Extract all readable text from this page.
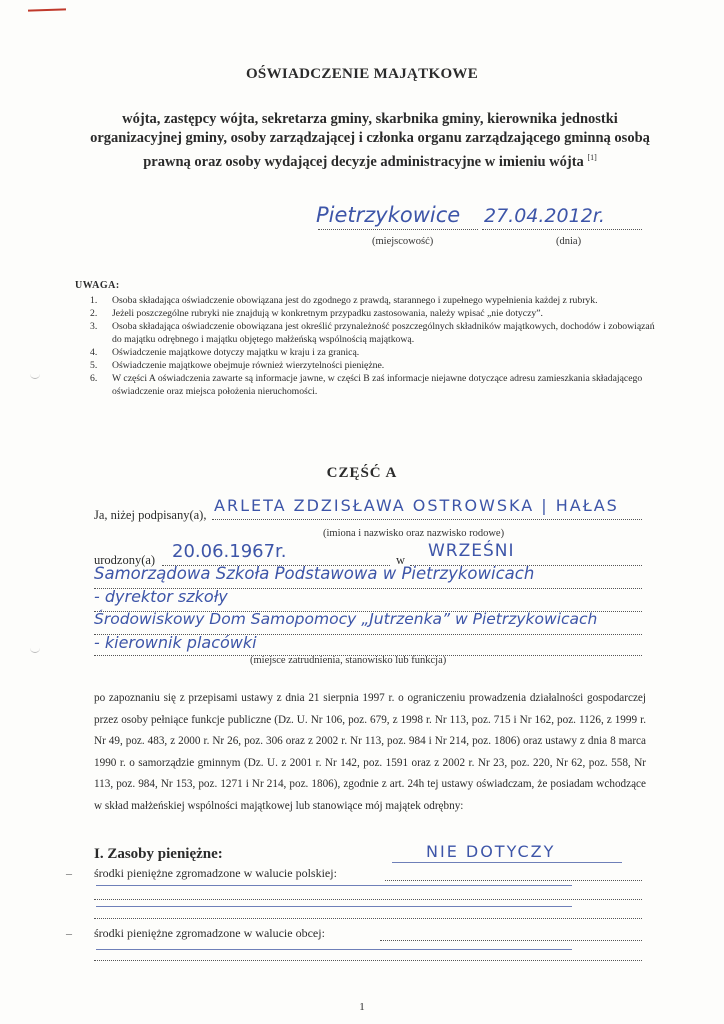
OŚWIADCZENIE MAJĄTKOWE
wójta, zastępcy wójta, sekretarza gminy, skarbnika gminy, kierownika jednostki organizacyjnej gminy, osoby zarządzającej i członka organu zarządzającego gminną osobą prawną oraz osoby wydającej decyzje administracyjne w imieniu wójta [1]
Pietrzykowice 27.04.2012r.
(miejscowość)	(dnia)
UWAGA:
1. Osoba składająca oświadczenie obowiązana jest do zgodnego z prawdą, starannego i zupełnego wypełnienia każdej z rubryk.
2. Jeżeli poszczególne rubryki nie znajdują w konkretnym przypadku zastosowania, należy wpisać „nie dotyczy”.
3. Osoba składająca oświadczenie obowiązana jest określić przynależność poszczególnych składników majątkowych, dochodów i zobowiązań do majątku odrębnego i majątku objętego małżeńską wspólnością majątkową.
4. Oświadczenie majątkowe dotyczy majątku w kraju i za granicą.
5. Oświadczenie majątkowe obejmuje również wierzytelności pieniężne.
6. W części A oświadczenia zawarte są informacje jawne, w części B zaś informacje niejawne dotyczące adresu zamieszkania składającego oświadczenie oraz miejsca położenia nieruchomości.
CZĘŚĆ A
Ja, niżej podpisany(a), ARLETA ZDZISŁAWA OSTROWSKA | HAŁAS
(imiona i nazwisko oraz nazwisko rodowe)
urodzony(a) 20.06.1967r.	w WRZEŚNI
Samorządowa Szkoła Podstawowa w Pietrzykowicach
- dyrektor szkoły
Środowiskowy Dom Samopomocy „Jutrzenka” w Pietrzykowicach
- kierownik placówki
(miejsce zatrudnienia, stanowisko lub funkcja)
po zapoznaniu się z przepisami ustawy z dnia 21 sierpnia 1997 r. o ograniczeniu prowadzenia działalności gospodarczej przez osoby pełniące funkcje publiczne (Dz. U. Nr 106, poz. 679, z 1998 r. Nr 113, poz. 715 i Nr 162, poz. 1126, z 1999 r. Nr 49, poz. 483, z 2000 r. Nr 26, poz. 306 oraz z 2002 r. Nr 113, poz. 984 i Nr 214, poz. 1806) oraz ustawy z dnia 8 marca 1990 r. o samorządzie gminnym (Dz. U. z 2001 r. Nr 142, poz. 1591 oraz z 2002 r. Nr 23, poz. 220, Nr 62, poz. 558, Nr 113, poz. 984, Nr 153, poz. 1271 i Nr 214, poz. 1806), zgodnie z art. 24h tej ustawy oświadczam, że posiadam wchodzące w skład małżeńskiej wspólności majątkowej lub stanowiące mój majątek odrębny:
I. Zasoby pieniężne:	NIE DOTYCZY
– środki pieniężne zgromadzone w walucie polskiej:
– środki pieniężne zgromadzone w walucie obcej:
1
